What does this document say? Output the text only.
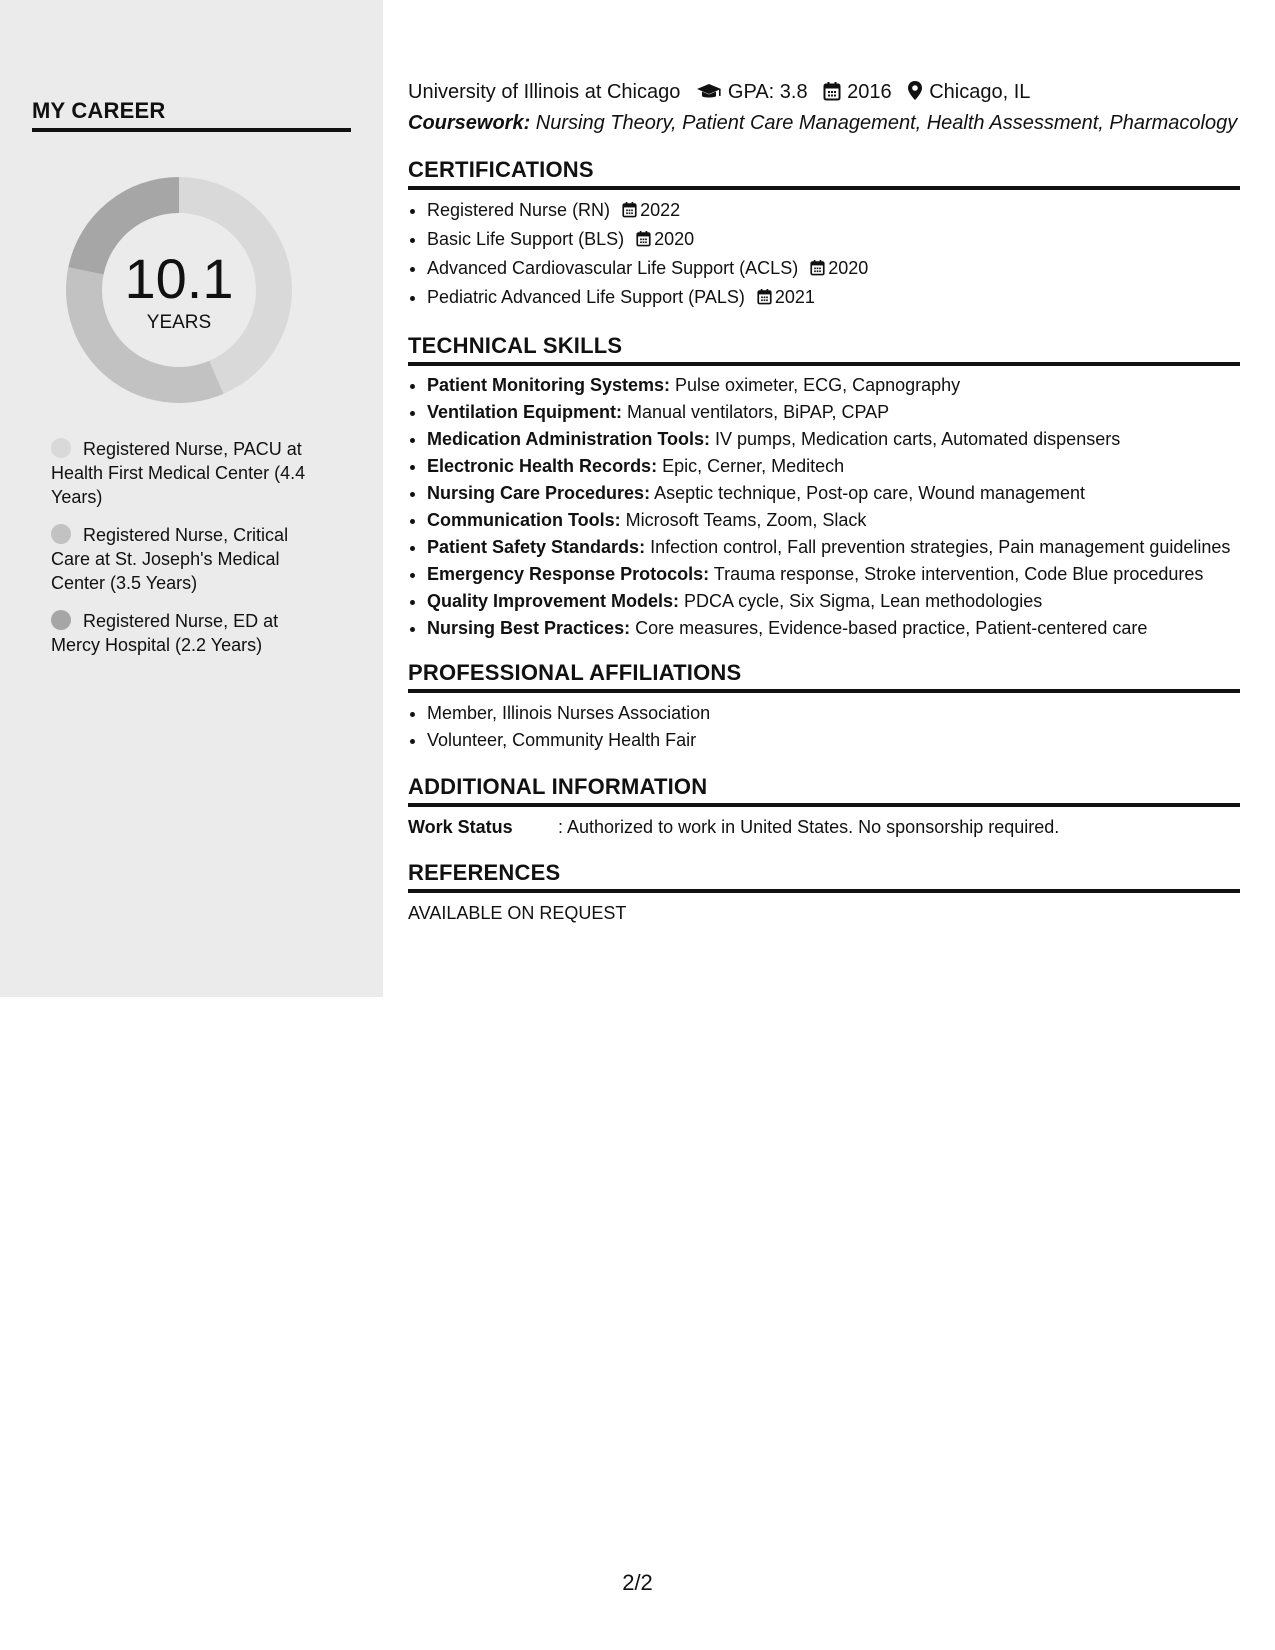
MY CAREER
10.1
YEARS
Registered Nurse, PACU at Health First Medical Center (4.4 Years)
Registered Nurse, Critical Care at St. Joseph's Medical Center (3.5 Years)
Registered Nurse, ED at Mercy Hospital (2.2 Years)
University of Illinois at Chicago GPA: 3.8 2016 Chicago, IL
Coursework: Nursing Theory, Patient Care Management, Health Assessment, Pharmacology
CERTIFICATIONS
• Registered Nurse (RN) 2022
• Basic Life Support (BLS) 2020
• Advanced Cardiovascular Life Support (ACLS) 2020
• Pediatric Advanced Life Support (PALS) 2021
TECHNICAL SKILLS
• Patient Monitoring Systems: Pulse oximeter, ECG, Capnography
• Ventilation Equipment: Manual ventilators, BiPAP, CPAP
• Medication Administration Tools: IV pumps, Medication carts, Automated dispensers
• Electronic Health Records: Epic, Cerner, Meditech
• Nursing Care Procedures: Aseptic technique, Post-op care, Wound management
• Communication Tools: Microsoft Teams, Zoom, Slack
• Patient Safety Standards: Infection control, Fall prevention strategies, Pain management guidelines
• Emergency Response Protocols: Trauma response, Stroke intervention, Code Blue procedures
• Quality Improvement Models: PDCA cycle, Six Sigma, Lean methodologies
• Nursing Best Practices: Core measures, Evidence-based practice, Patient-centered care
PROFESSIONAL AFFILIATIONS
• Member, Illinois Nurses Association
• Volunteer, Community Health Fair
ADDITIONAL INFORMATION
Work Status	: Authorized to work in United States. No sponsorship required.
REFERENCES
AVAILABLE ON REQUEST
2/2
